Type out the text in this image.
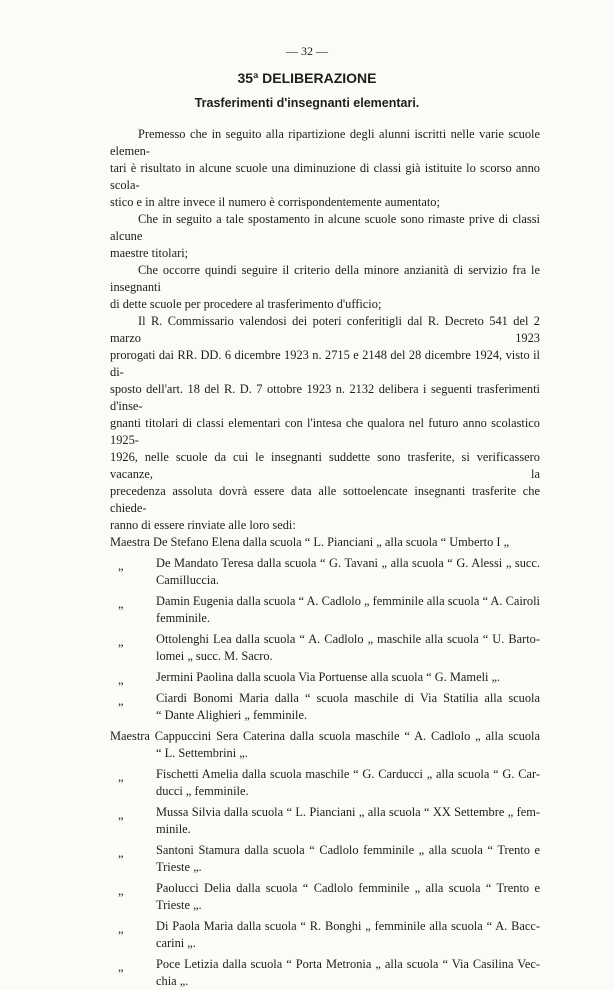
— 32 —
35ª DELIBERAZIONE
Trasferimenti d'insegnanti elementari.
Premesso che in seguito alla ripartizione degli alunni iscritti nelle varie scuole elemen-
tari è risultato in alcune scuole una diminuzione di classi già istituite lo scorso anno scola-
stico e in altre invece il numero è corrispondentemente aumentato;
Che in seguito a tale spostamento in alcune scuole sono rimaste prive di classi alcune
maestre titolari;
Che occorre quindi seguire il criterio della minore anzianità di servizio fra le insegnanti
di dette scuole per procedere al trasferimento d'ufficio;
Il R. Commissario valendosi dei poteri conferitigli dal R. Decreto 541 del 2 marzo 1923
prorogati dai RR. DD. 6 dicembre 1923 n. 2715 e 2148 del 28 dicembre 1924, visto il di-
sposto dell'art. 18 del R. D. 7 ottobre 1923 n. 2132 delibera i seguenti trasferimenti d'inse-
gnanti titolari di classi elementari con l'intesa che qualora nel futuro anno scolastico 1925-
1926, nelle scuole da cui le insegnanti suddette sono trasferite, si verificassero vacanze, la
precedenza assoluta dovrà essere data alle sottoelencate insegnanti trasferite che chiede-
ranno di essere rinviate alle loro sedi:
Maestra De Stefano Elena dalla scuola “ L. Pianciani „ alla scuola “ Umberto I „
„	De Mandato Teresa dalla scuola “ G. Tavani „ alla scuola “ G. Alessi „ succ.
Camilluccia.
„	Damin Eugenia dalla scuola “ A. Cadlolo „ femminile alla scuola “ A. Cairoli
femminile.
„	Ottolenghi Lea dalla scuola “ A. Cadlolo „ maschile alla scuola “ U. Barto-
lomei „ succ. M. Sacro.
„	Jermini Paolina dalla scuola Via Portuense alla scuola “ G. Mameli „.
„	Ciardi Bonomi Maria dalla “ scuola maschile di Via Statilia alla scuola
“ Dante Alighieri „ femminile.
Maestra Cappuccini Sera Caterina dalla scuola maschile “ A. Cadlolo „ alla scuola
“ L. Settembrini „.
„	Fischetti Amelia dalla scuola maschile “ G. Carducci „ alla scuola “ G. Car-
ducci „ femminile.
„	Mussa Silvia dalla scuola “ L. Pianciani „ alla scuola “ XX Settembre „ fem-
minile.
„	Santoni Stamura dalla scuola “ Cadlolo femminile „ alla scuola “ Trento e
Trieste „.
„	Paolucci Delia dalla scuola “ Cadlolo femminile „ alla scuola “ Trento e
Trieste „.
„	Di Paola Maria dalla scuola “ R. Bonghi „ femminile alla scuola “ A. Bacc-
carini „.
„	Poce Letizia dalla scuola “ Porta Metronia „ alla scuola “ Via Casilina Vec-
chia „.
